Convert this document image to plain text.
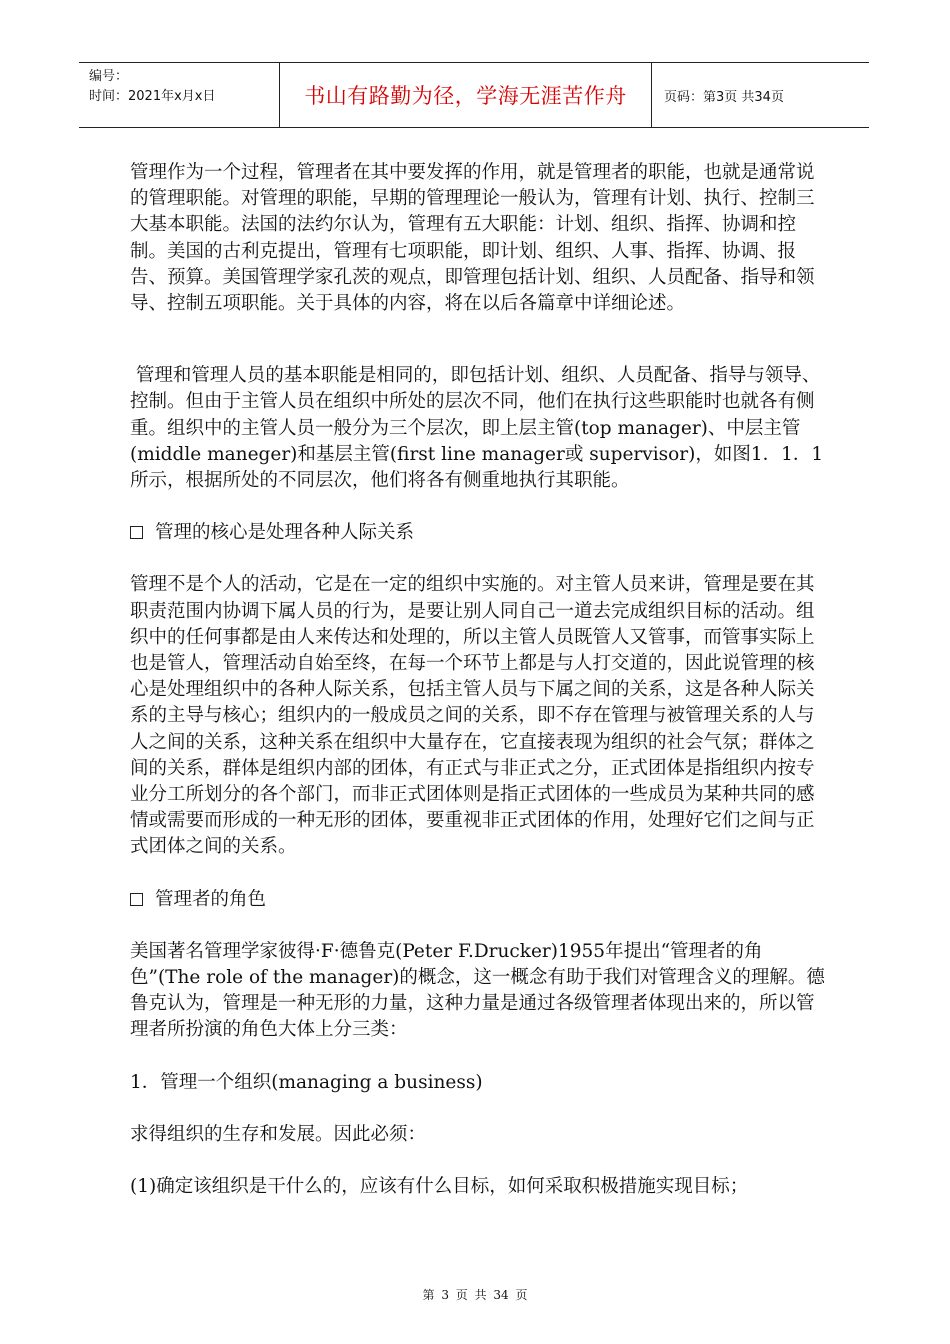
编号：
时间：2021年x月x日	书山有路勤为径，学海无涯苦作舟	页码：第3页 共34页

管理作为一个过程，管理者在其中要发挥的作用，就是管理者的职能，也就是通常说的管理职能。对管理的职能，早期的管理理论一般认为，管理有计划、执行、控制三大基本职能。法国的法约尔认为，管理有五大职能：计划、组织、指挥、协调和控制。美国的古利克提出，管理有七项职能，即计划、组织、人事、指挥、协调、报告、预算。美国管理学家孔茨的观点，即管理包括计划、组织、人员配备、指导和领导、控制五项职能。关于具体的内容，将在以后各篇章中详细论述。

管理和管理人员的基本职能是相同的，即包括计划、组织、人员配备、指导与领导、控制。但由于主管人员在组织中所处的层次不同，他们在执行这些职能时也就各有侧重。组织中的主管人员一般分为三个层次，即上层主管(top manager)、中层主管(middle maneger)和基层主管(first line manager或 supervisor)，如图1．1．1所示，根据所处的不同层次，他们将各有侧重地执行其职能。

管理的核心是处理各种人际关系

管理不是个人的活动，它是在一定的组织中实施的。对主管人员来讲，管理是要在其职责范围内协调下属人员的行为，是要让别人同自己一道去完成组织目标的活动。组织中的任何事都是由人来传达和处理的，所以主管人员既管人又管事，而管事实际上也是管人，管理活动自始至终，在每一个环节上都是与人打交道的，因此说管理的核心是处理组织中的各种人际关系，包括主管人员与下属之间的关系，这是各种人际关系的主导与核心；组织内的一般成员之间的关系，即不存在管理与被管理关系的人与人之间的关系，这种关系在组织中大量存在，它直接表现为组织的社会气氛；群体之间的关系，群体是组织内部的团体，有正式与非正式之分，正式团体是指组织内按专业分工所划分的各个部门，而非正式团体则是指正式团体的一些成员为某种共同的感情或需要而形成的一种无形的团体，要重视非正式团体的作用，处理好它们之间与正式团体之间的关系。

管理者的角色

美国著名管理学家彼得·F·德鲁克(Peter F.Drucker)1955年提出“管理者的角色”(The role of the manager)的概念，这一概念有助于我们对管理含义的理解。德鲁克认为，管理是一种无形的力量，这种力量是通过各级管理者体现出来的，所以管理者所扮演的角色大体上分三类：

1．管理一个组织(managing a business)

求得组织的生存和发展。因此必须：

(1)确定该组织是干什么的，应该有什么目标，如何采取积极措施实现目标；

第 3 页 共 34 页
